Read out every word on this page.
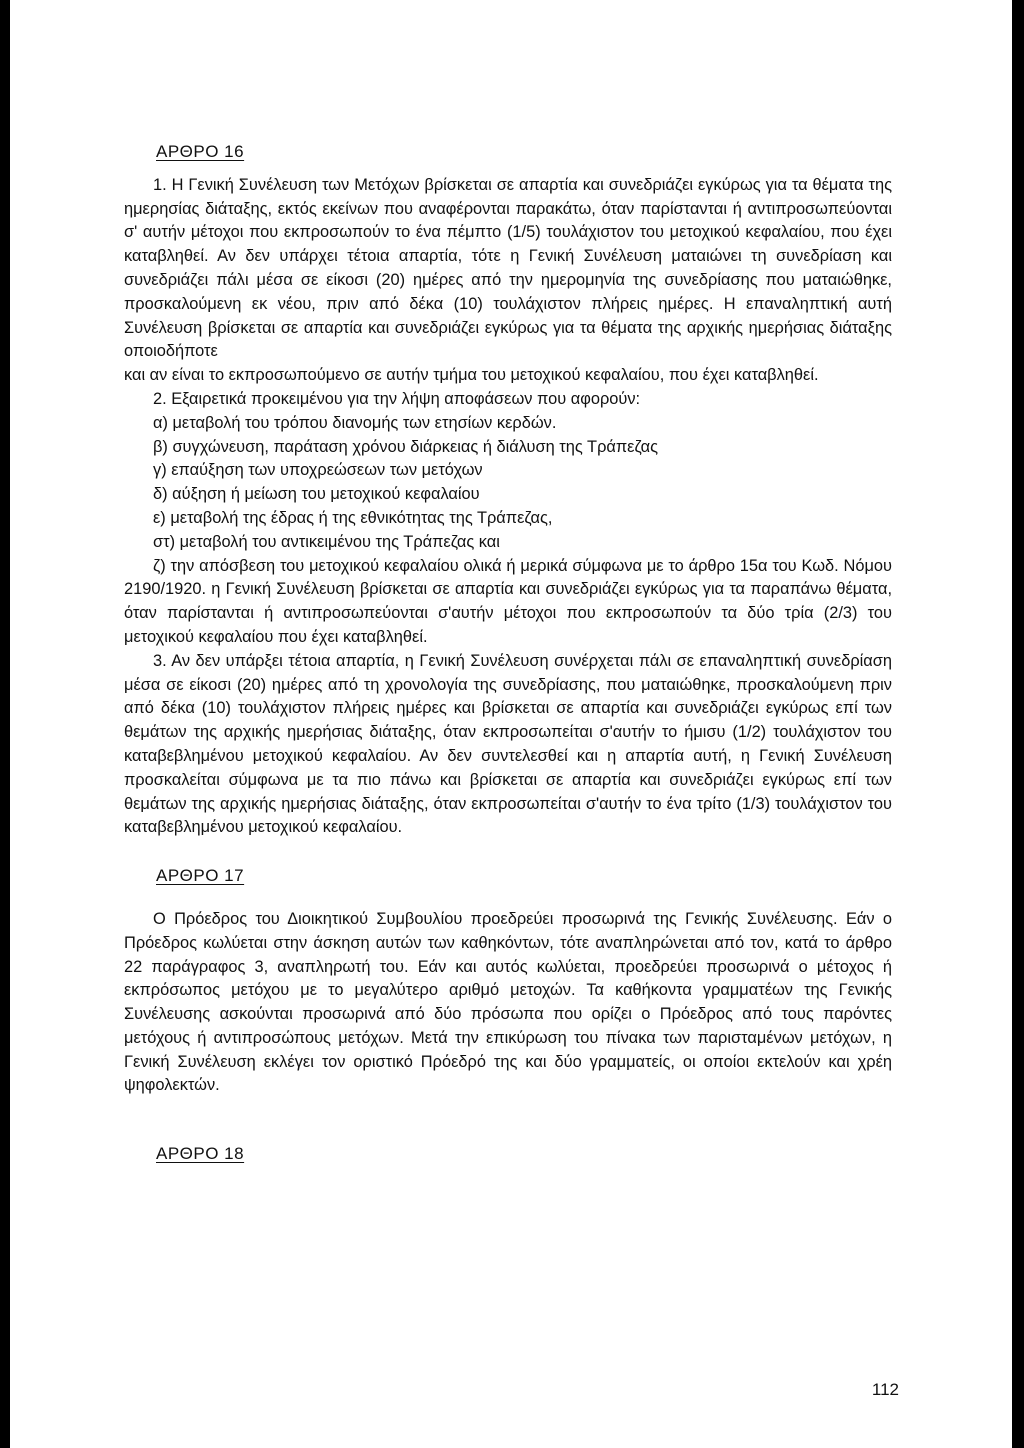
ΑΡΘΡΟ 16

1. Η Γενική Συνέλευση των Μετόχων βρίσκεται σε απαρτία και συνεδριάζει εγκύρως για τα θέματα της ημερησίας διάταξης, εκτός εκείνων που αναφέρονται παρακάτω, όταν παρίστανται ή αντιπροσωπεύονται σ' αυτήν μέτοχοι που εκπροσωπούν το ένα πέμπτο (1/5) τουλάχιστον του μετοχικού κεφαλαίου, που έχει καταβληθεί. Αν δεν υπάρχει τέτοια απαρτία, τότε η Γενική Συνέλευση ματαιώνει τη συνεδρίαση και συνεδριάζει πάλι μέσα σε είκοσι (20) ημέρες από την ημερομηνία της συνεδρίασης που ματαιώθηκε, προσκαλούμενη εκ νέου, πριν από δέκα (10) τουλάχιστον πλήρεις ημέρες. Η επαναληπτική αυτή Συνέλευση βρίσκεται σε απαρτία και συνεδριάζει εγκύρως για τα θέματα της αρχικής ημερήσιας διάταξης οποιοδήποτε

και αν είναι το εκπροσωπούμενο σε αυτήν τμήμα του μετοχικού κεφαλαίου, που έχει καταβληθεί.

2. Εξαιρετικά προκειμένου για την λήψη αποφάσεων που αφορούν:

α) μεταβολή του τρόπου διανομής των ετησίων κερδών.

β) συγχώνευση, παράταση χρόνου διάρκειας ή διάλυση της Τράπεζας

γ) επαύξηση των υποχρεώσεων των μετόχων

δ) αύξηση ή μείωση του μετοχικού κεφαλαίου

ε) μεταβολή της έδρας ή της εθνικότητας της Τράπεζας,

στ) μεταβολή του αντικειμένου της Τράπεζας και

ζ) την απόσβεση του μετοχικού κεφαλαίου ολικά ή μερικά σύμφωνα με το άρθρο 15α του Κωδ. Νόμου 2190/1920. η Γενική Συνέλευση βρίσκεται σε απαρτία και συνεδριάζει εγκύρως για τα παραπάνω θέματα, όταν παρίστανται ή αντιπροσωπεύονται σ'αυτήν μέτοχοι που εκπροσωπούν τα δύο τρία (2/3) του μετοχικού κεφαλαίου που έχει καταβληθεί.

3. Αν δεν υπάρξει τέτοια απαρτία, η Γενική Συνέλευση συνέρχεται πάλι σε επαναληπτική συνεδρίαση μέσα σε είκοσι (20) ημέρες από τη χρονολογία της συνεδρίασης, που ματαιώθηκε, προσκαλούμενη πριν από δέκα (10) τουλάχιστον πλήρεις ημέρες και βρίσκεται σε απαρτία και συνεδριάζει εγκύρως επί των θεμάτων της αρχικής ημερήσιας διάταξης, όταν εκπροσωπείται σ'αυτήν το ήμισυ (1/2) τουλάχιστον του καταβεβλημένου μετοχικού κεφαλαίου. Αν δεν συντελεσθεί και η απαρτία αυτή, η Γενική Συνέλευση προσκαλείται σύμφωνα με τα πιο πάνω και βρίσκεται σε απαρτία και συνεδριάζει εγκύρως επί των θεμάτων της αρχικής ημερήσιας διάταξης, όταν εκπροσωπείται σ'αυτήν το ένα τρίτο (1/3) τουλάχιστον του καταβεβλημένου μετοχικού κεφαλαίου.

ΑΡΘΡΟ 17

Ο Πρόεδρος του Διοικητικού Συμβουλίου προεδρεύει προσωρινά της Γενικής Συνέλευσης. Εάν ο Πρόεδρος κωλύεται στην άσκηση αυτών των καθηκόντων, τότε αναπληρώνεται από τον, κατά το άρθρο 22 παράγραφος 3, αναπληρωτή του. Εάν και αυτός κωλύεται, προεδρεύει προσωρινά ο μέτοχος ή εκπρόσωπος μετόχου με το μεγαλύτερο αριθμό μετοχών. Τα καθήκοντα γραμματέων της Γενικής Συνέλευσης ασκούνται προσωρινά από δύο πρόσωπα που ορίζει ο Πρόεδρος από τους παρόντες μετόχους ή αντιπροσώπους μετόχων. Μετά την επικύρωση του πίνακα των παρισταμένων μετόχων, η Γενική Συνέλευση εκλέγει τον οριστικό Πρόεδρό της και δύο γραμματείς, οι οποίοι εκτελούν και χρέη ψηφολεκτών.

ΑΡΘΡΟ 18
112
